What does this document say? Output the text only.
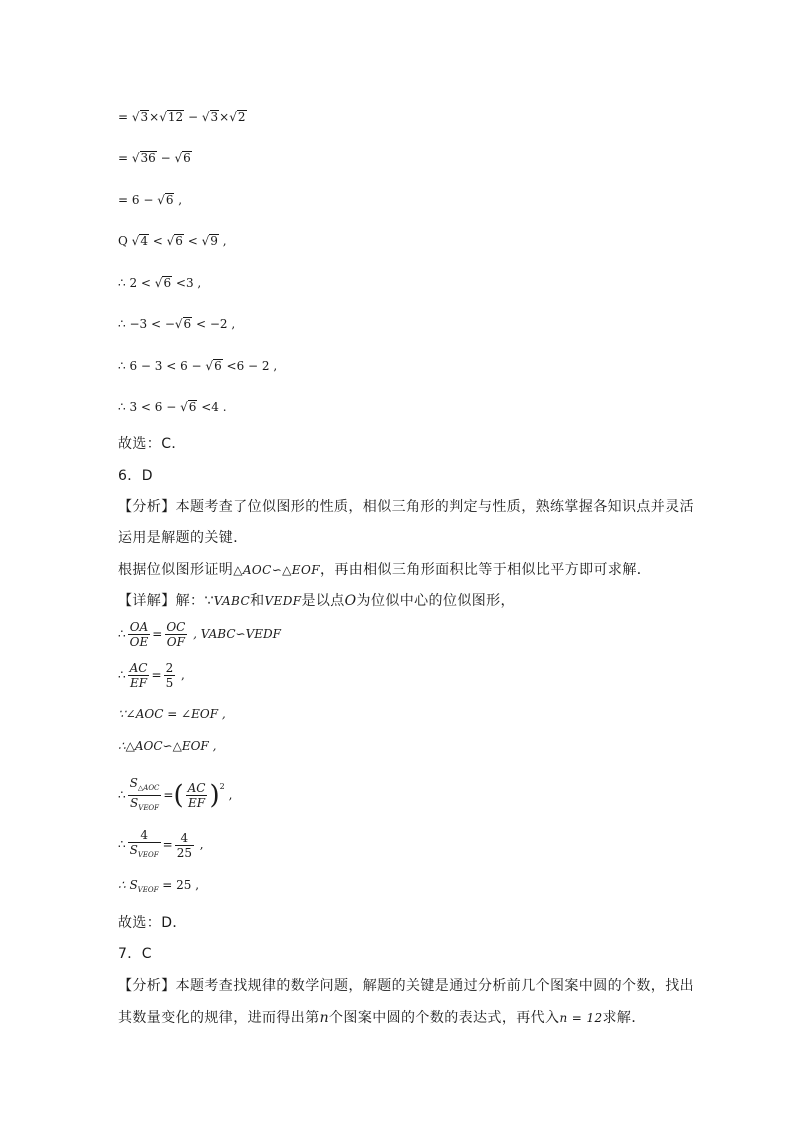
= √3×√12 − √3×√2
= √36 − √6
= 6 − √6 ,
Q √4 < √6 < √9 ,
∴ 2 < √6 <3 ,
∴ −3 < −√6 < −2 ,
∴ 6 − 3 < 6 − √6 <6 − 2 ,
∴ 3 < 6 − √6 <4 .
故选：C．
6．D
【分析】本题考查了位似图形的性质，相似三角形的判定与性质，熟练掌握各知识点并灵活
运用是解题的关键．
根据位似图形证明△AOC∽△EOF，再由相似三角形面积比等于相似比平方即可求解．
【详解】解：∵VABC和VEDF是以点O为位似中心的位似图形，
∴ $\frac{OA}{OE} = \frac{OC}{OF}$ , VABC∽VEDF
∴ $\frac{AC}{EF} = \frac{2}{5}$ ,
∵∠AOC = ∠EOF ,
∴△AOC∽△EOF ,
∴ $\frac{S_{\triangle AOC}}{S_{VEOF}}$ =( $\frac{AC}{EF} )^2$ ,
∴ $\frac{4}{S_{VEOF}} = \frac{4}{25}$ ,
∴ $S_{VEOF} = 25$ ,
故选：D．
7．C
【分析】本题考查找规律的数学问题，解题的关键是通过分析前几个图案中圆的个数，找出
其数量变化的规律，进而得出第n个图案中圆的个数的表达式，再代入n = 12求解．
